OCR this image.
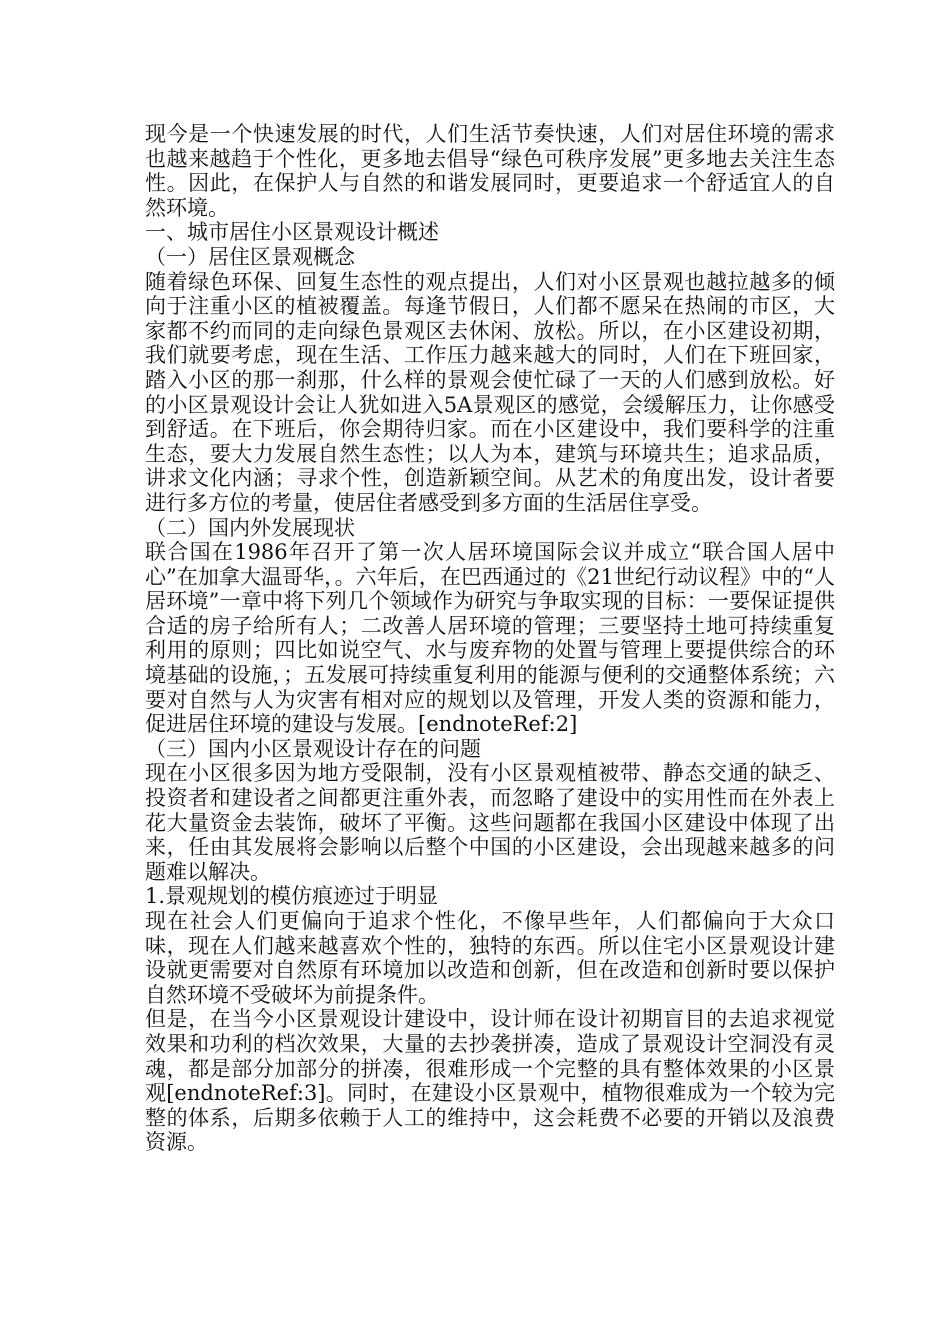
现今是一个快速发展的时代，人们生活节奏快速，人们对居住环境的需求也越来越趋于个性化，更多地去倡导“绿色可秩序发展”更多地去关注生态性。因此，在保护人与自然的和谐发展同时，更要追求一个舒适宜人的自然环境。

一、城市居住小区景观设计概述
（一）居住区景观概念

随着绿色环保、回复生态性的观点提出，人们对小区景观也越拉越多的倾向于注重小区的植被覆盖。每逢节假日，人们都不愿呆在热闹的市区，大家都不约而同的走向绿色景观区去休闲、放松。所以，在小区建设初期，我们就要考虑，现在生活、工作压力越来越大的同时，人们在下班回家，踏入小区的那一刹那，什么样的景观会使忙碌了一天的人们感到放松。好的小区景观设计会让人犹如进入5A景观区的感觉，会缓解压力，让你感受到舒适。在下班后，你会期待归家。而在小区建设中，我们要科学的注重生态，要大力发展自然生态性；以人为本，建筑与环境共生；追求品质，讲求文化内涵；寻求个性，创造新颖空间。从艺术的角度出发，设计者要进行多方位的考量，使居住者感受到多方面的生活居住享受。

（二）国内外发展现状

联合国在1986年召开了第一次人居环境国际会议并成立“联合国人居中心”在加拿大温哥华，。六年后，在巴西通过的《21世纪行动议程》中的“人居环境”一章中将下列几个领域作为研究与争取实现的目标：一要保证提供合适的房子给所有人；二改善人居环境的管理；三要坚持土地可持续重复利用的原则；四比如说空气、水与废弃物的处置与管理上要提供综合的环境基础的设施，；五发展可持续重复利用的能源与便利的交通整体系统；六要对自然与人为灾害有相对应的规划以及管理，开发人类的资源和能力，促进居住环境的建设与发展。[endnoteRef:2]

（三）国内小区景观设计存在的问题

现在小区很多因为地方受限制，没有小区景观植被带、静态交通的缺乏、投资者和建设者之间都更注重外表，而忽略了建设中的实用性而在外表上花大量资金去装饰，破坏了平衡。这些问题都在我国小区建设中体现了出来，任由其发展将会影响以后整个中国的小区建设，会出现越来越多的问题难以解决。

1.景观规划的模仿痕迹过于明显

现在社会人们更偏向于追求个性化，不像早些年，人们都偏向于大众口味，现在人们越来越喜欢个性的，独特的东西。所以住宅小区景观设计建设就更需要对自然原有环境加以改造和创新，但在改造和创新时要以保护自然环境不受破坏为前提条件。

但是，在当今小区景观设计建设中，设计师在设计初期盲目的去追求视觉效果和功利的档次效果，大量的去抄袭拼凑，造成了景观设计空洞没有灵魂，都是部分加部分的拼凑，很难形成一个完整的具有整体效果的小区景观[endnoteRef:3]。同时，在建设小区景观中，植物很难成为一个较为完整的体系，后期多依赖于人工的维持中，这会耗费不必要的开销以及浪费资源。
